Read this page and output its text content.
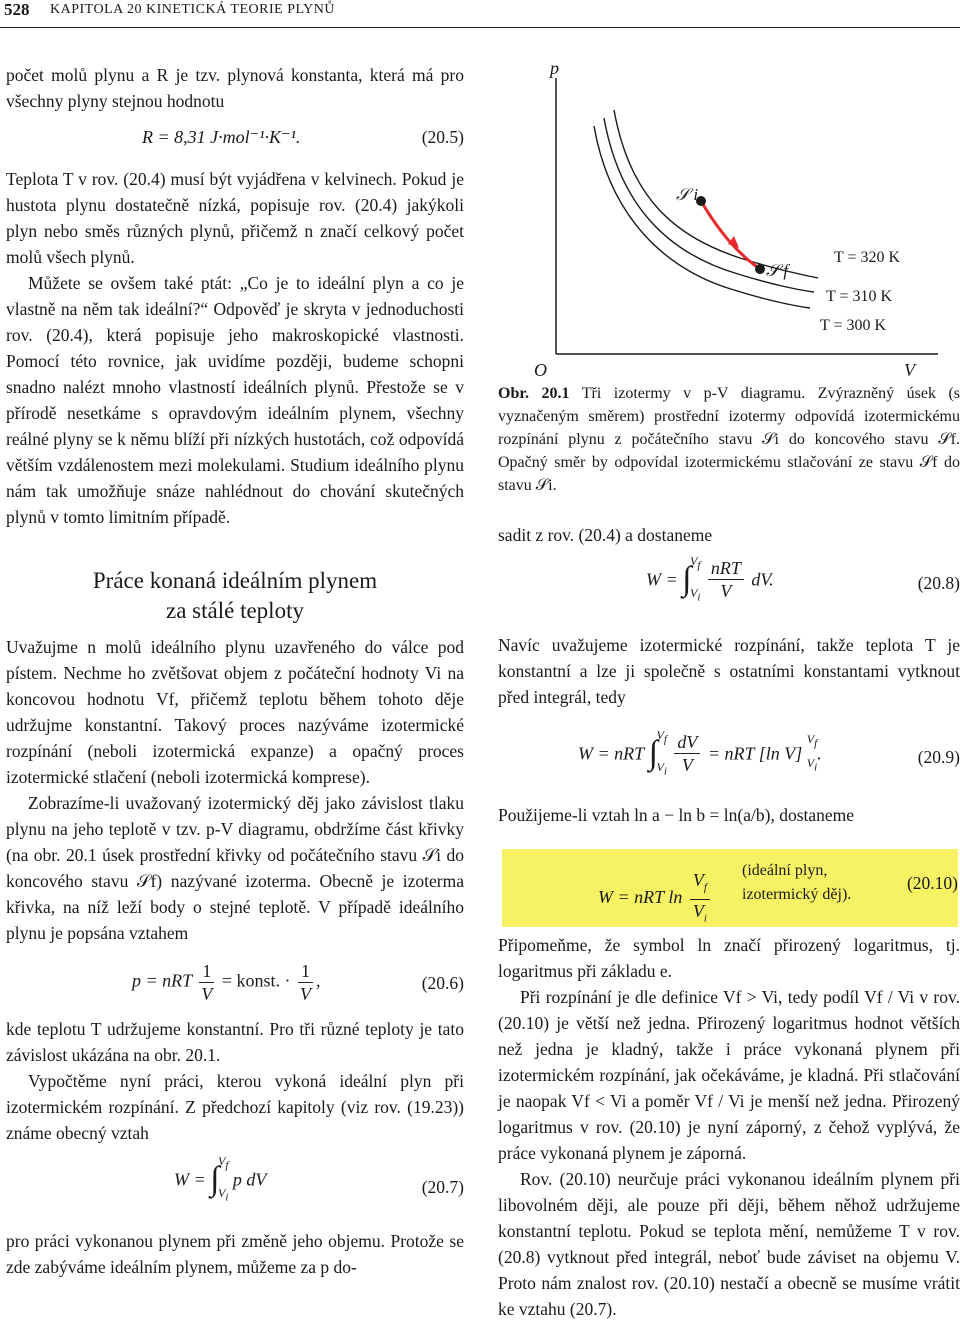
528 KAPITOLA 20 KINETICKÁ TEORIE PLYNŮ

počet molů plynu a R je tzv. plynová konstanta, která má pro všechny plyny stejnou hodnotu

R = 8,31 J·mol⁻¹·K⁻¹.	(20.5)

Teplota T v rov. (20.4) musí být vyjádřena v kelvinech. Pokud je hustota plynu dostatečně nízká, popisuje rov. (20.4) jakýkoli plyn nebo směs různých plynů, přičemž n značí celkový počet molů všech plynů.

Můžete se ovšem také ptát: „Co je to ideální plyn a co je vlastně na něm tak ideální?“ Odpověď je skryta v jednoduchosti rov. (20.4), která popisuje jeho makroskopické vlastnosti. Pomocí této rovnice, jak uvidíme později, budeme schopni snadno nalézt mnoho vlastností ideálních plynů. Přestože se v přírodě nesetkáme s opravdovým ideálním plynem, všechny reálné plyny se k němu blíží při nízkých hustotách, což odpovídá větším vzdálenostem mezi molekulami. Studium ideálního plynu nám tak umožňuje snáze nahlédnout do chování skutečných plynů v tomto limitním případě.

Práce konaná ideálním plynem
za stálé teploty

Uvažujme n molů ideálního plynu uzavřeného do válce pod pístem. Nechme ho zvětšovat objem z počáteční hodnoty Vi na koncovou hodnotu Vf, přičemž teplotu během tohoto děje udržujme konstantní. Takový proces nazýváme izotermické rozpínání (neboli izotermická expanze) a opačný proces izotermické stlačení (neboli izotermická komprese).

Zobrazíme-li uvažovaný izotermický děj jako závislost tlaku plynu na jeho teplotě v tzv. p-V diagramu, obdržíme část křivky (na obr. 20.1 úsek prostřední křivky od počátečního stavu 𝒮i do koncového stavu 𝒮f) nazývané izoterma. Obecně je izoterma křivka, na níž leží body o stejné teplotě. V případě ideálního plynu je popsána vztahem

p = nRT $\frac{1}{V}$ = konst. · $\frac{1}{V}$ ,	(20.6)

kde teplotu T udržujeme konstantní. Pro tři různé teploty je tato závislost ukázána na obr. 20.1.

Vypočtěme nyní práci, kterou vykoná ideální plyn při izotermickém rozpínání. Z předchozí kapitoly (viz rov. (19.23)) známe obecný vztah

W = ∫
$V_f$
$V_i$
p dV	(20.7)

pro práci vykonanou plynem při změně jeho objemu. Protože se zde zabýváme ideálním plynem, můžeme za p do-

p
V
O
𝒮 i
𝒮 f
T = 320 K
T = 310 K
T = 300 K
Obr. 20.1 Tři izotermy v p-V diagramu. Zvýrazněný úsek (s vyznačeným směrem) prostřední izotermy odpovídá izotermickému rozpínání plynu z počátečního stavu 𝒮i do koncového stavu 𝒮f. Opačný směr by odpovídal izotermickému stlačování ze stavu 𝒮f do stavu 𝒮i.

sadit z rov. (20.4) a dostaneme

W = ∫
$V_f$
$V_i$
$\frac{\text{nRT}}{V}$ dV.	(20.8)

Navíc uvažujeme izotermické rozpínání, takže teplota T je konstantní a lze ji společně s ostatními konstantami vytknout před integrál, tedy

W = nRT ∫
$V_f$
$V_i$
$\frac{dV}{V}$ = nRT [ln V]
$V_f$
$V_i$
.	(20.9)

Použijeme-li vztah ln a − ln b = ln(a/b), dostaneme

W = nRT $\ln \frac{V_f}{V_i}$ (ideální plyn,
izotermický děj).
(20.10)

Připomeňme, že symbol ln značí přirozený logaritmus, tj. logaritmus při základu e.

Při rozpínání je dle definice Vf > Vi, tedy podíl Vf / Vi v rov. (20.10) je větší než jedna. Přirozený logaritmus hodnot větších než jedna je kladný, takže i práce vykonaná plynem při izotermickém rozpínání, jak očekáváme, je kladná. Při stlačování je naopak Vf < Vi a poměr Vf / Vi je menší než jedna. Přirozený logaritmus v rov. (20.10) je nyní záporný, z čehož vyplývá, že práce vykonaná plynem je záporná.

Rov. (20.10) neurčuje práci vykonanou ideálním plynem při libovolném ději, ale pouze při ději, během něhož udržujeme konstantní teplotu. Pokud se teplota mění, nemůžeme T v rov. (20.8) vytknout před integrál, neboť bude záviset na objemu V. Proto nám znalost rov. (20.10) nestačí a obecně se musíme vrátit ke vztahu (20.7).
